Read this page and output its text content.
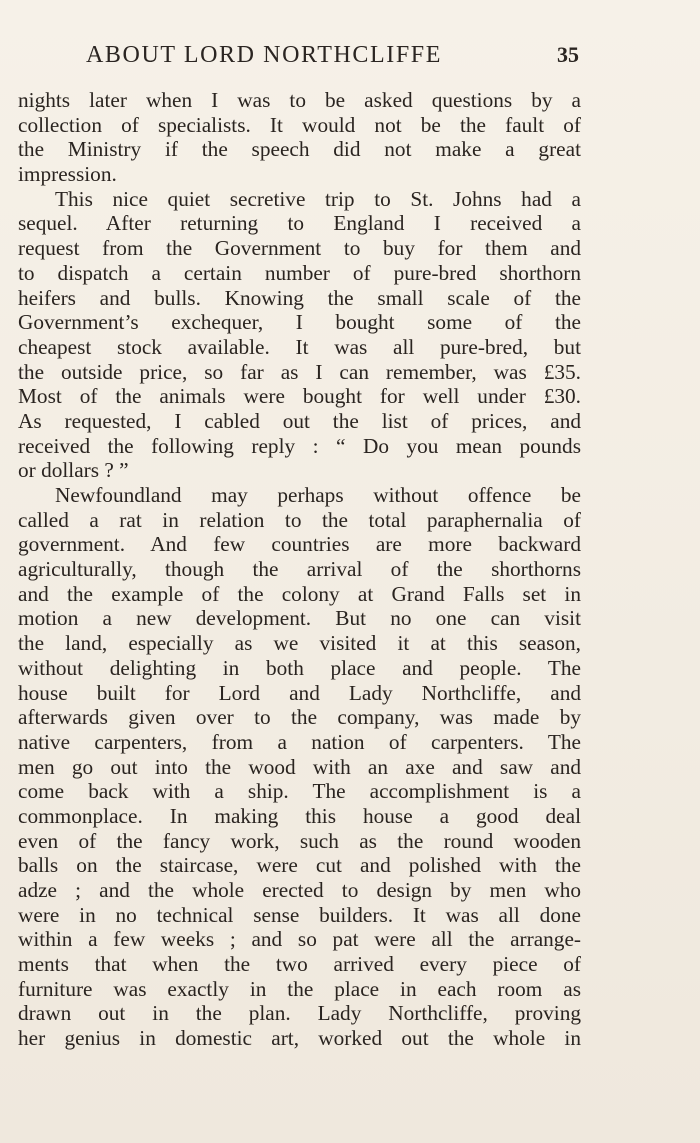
ABOUT LORD NORTHCLIFFE	35
nights later when I was to be asked questions by a
collection of specialists. It would not be the fault of
the Ministry if the speech did not make a great
impression.
This nice quiet secretive trip to St. Johns had a
sequel. After returning to England I received a
request from the Government to buy for them and
to dispatch a certain number of pure-bred shorthorn
heifers and bulls. Knowing the small scale of the
Government’s exchequer, I bought some of the
cheapest stock available. It was all pure-bred, but
the outside price, so far as I can remember, was £35.
Most of the animals were bought for well under £30.
As requested, I cabled out the list of prices, and
received the following reply : “ Do you mean pounds
or dollars ? ”
Newfoundland may perhaps without offence be
called a rat in relation to the total paraphernalia of
government. And few countries are more backward
agriculturally, though the arrival of the shorthorns
and the example of the colony at Grand Falls set in
motion a new development. But no one can visit
the land, especially as we visited it at this season,
without delighting in both place and people. The
house built for Lord and Lady Northcliffe, and
afterwards given over to the company, was made by
native carpenters, from a nation of carpenters. The
men go out into the wood with an axe and saw and
come back with a ship. The accomplishment is a
commonplace. In making this house a good deal
even of the fancy work, such as the round wooden
balls on the staircase, were cut and polished with the
adze ; and the whole erected to design by men who
were in no technical sense builders. It was all done
within a few weeks ; and so pat were all the arrange-
ments that when the two arrived every piece of
furniture was exactly in the place in each room as
drawn out in the plan. Lady Northcliffe, proving
her genius in domestic art, worked out the whole in
